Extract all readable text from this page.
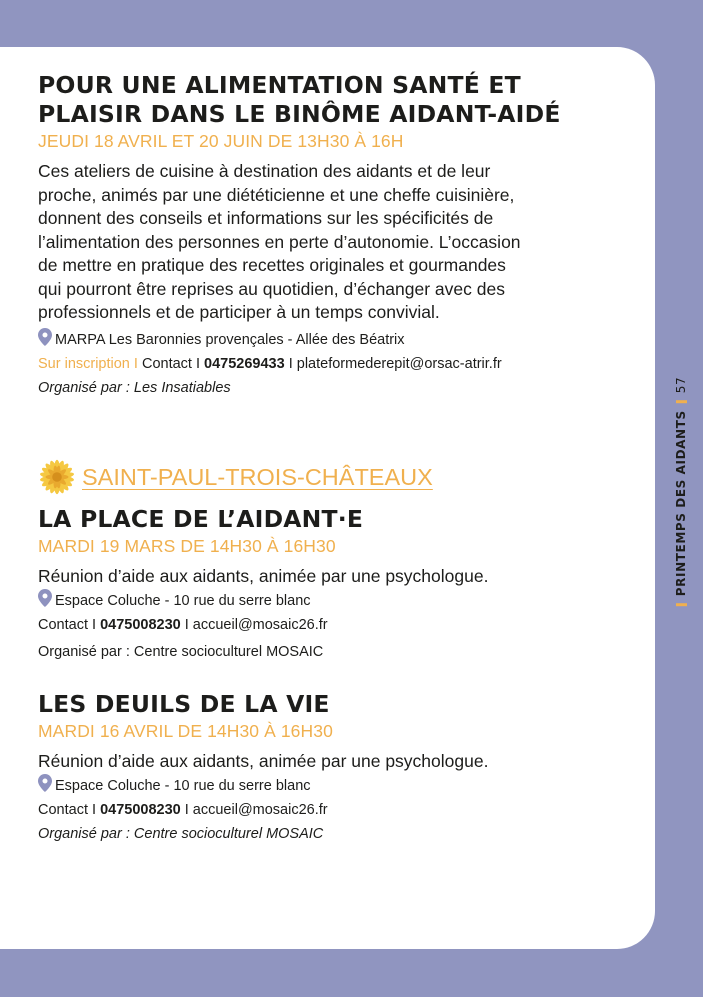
POUR UNE ALIMENTATION SANTÉ ET
PLAISIR DANS LE BINÔME AIDANT-AIDÉ
JEUDI 18 AVRIL ET 20 JUIN DE 13H30 À 16H

Ces ateliers de cuisine à destination des aidants et de leur
proche, animés par une diététicienne et une cheffe cuisinière,
donnent des conseils et informations sur les spécificités de
l’alimentation des personnes en perte d’autonomie. L’occasion
de mettre en pratique des recettes originales et gourmandes
qui pourront être reprises au quotidien, d’échanger avec des
professionnels et de participer à un temps convivial.

MARPA Les Baronnies provençales - Allée des Béatrix

Sur inscription I Contact I 0475269433 I plateformederepit@orsac-atrir.fr

Organisé par : Les Insatiables

SAINT-PAUL-TROIS-CHÂTEAUX
LA PLACE DE L’AIDANT·E
MARDI 19 MARS DE 14H30 À 16H30

Réunion d’aide aux aidants, animée par une psychologue.

Espace Coluche - 10 rue du serre blanc

Contact I 0475008230 I accueil@mosaic26.fr

Organisé par : Centre socioculturel MOSAIC

LES DEUILS DE LA VIE
MARDI 16 AVRIL DE 14H30 À 16H30

Réunion d’aide aux aidants, animée par une psychologue.

Espace Coluche - 10 rue du serre blanc

Contact I 0475008230 I accueil@mosaic26.fr

Organisé par : Centre socioculturel MOSAIC

PRINTEMPS DES AIDANTS
57
